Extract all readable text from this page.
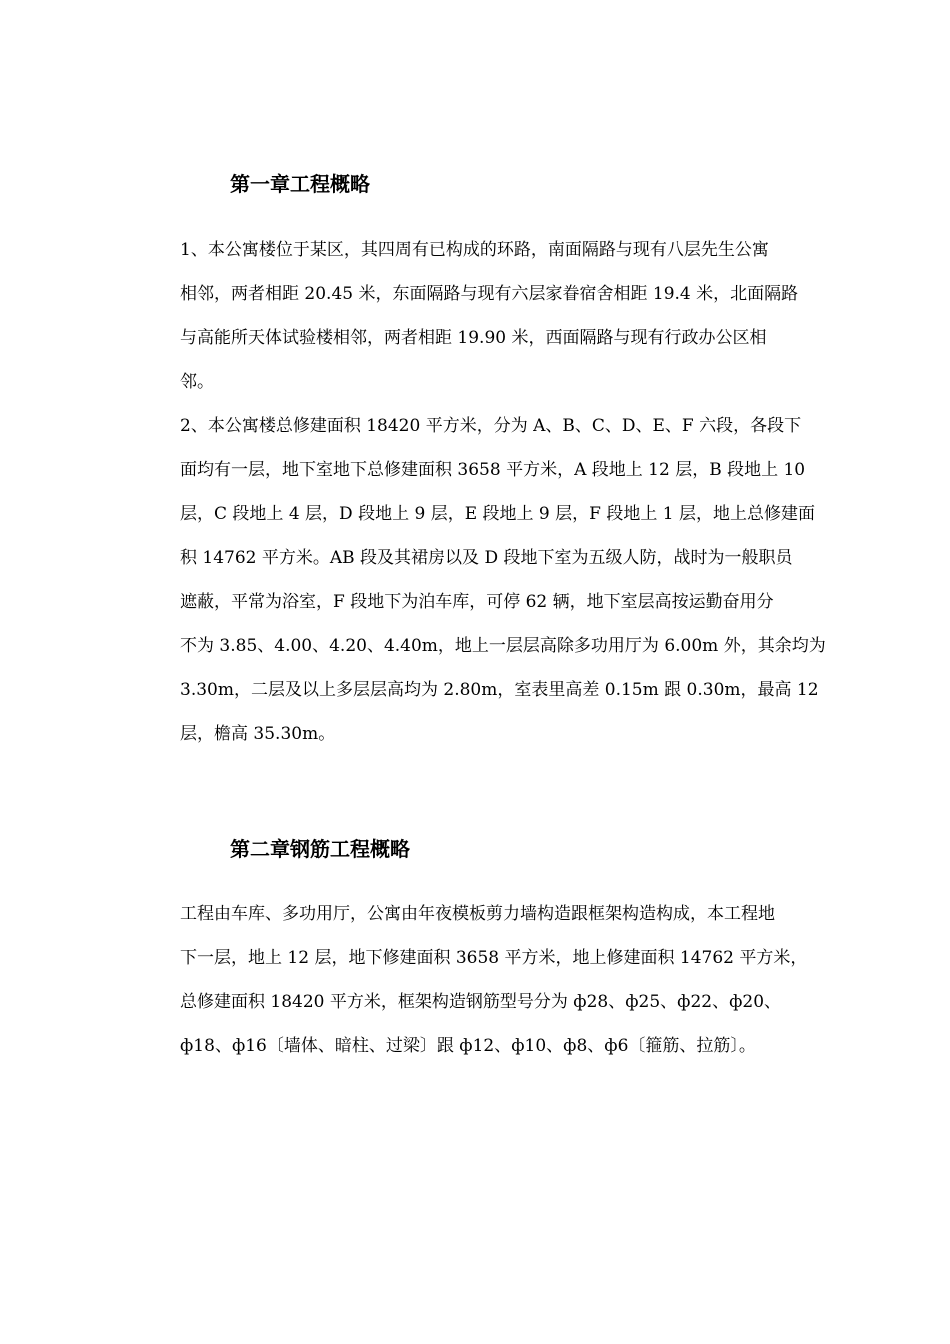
第一章工程概略

1、本公寓楼位于某区，其四周有已构成的环路，南面隔路与现有八层先生公寓

相邻，两者相距 20.45 米，东面隔路与现有六层家眷宿舍相距 19.4 米，北面隔路

与高能所天体试验楼相邻，两者相距 19.90 米，西面隔路与现有行政办公区相

邻。

2、本公寓楼总修建面积 18420 平方米，分为 A、B、C、D、E、F 六段，各段下

面均有一层，地下室地下总修建面积 3658 平方米，A 段地上 12 层，B 段地上 10

层，C 段地上 4 层，D 段地上 9 层，E 段地上 9 层，F 段地上 1 层，地上总修建面

积 14762 平方米。AB 段及其裙房以及 D 段地下室为五级人防，战时为一般职员

遮蔽，平常为浴室，F 段地下为泊车库，可停 62 辆，地下室层高按运勤奋用分

不为 3.85、4.00、4.20、4.40m，地上一层层高除多功用厅为 6.00m 外，其余均为

3.30m，二层及以上多层层高均为 2.80m，室表里高差 0.15m 跟 0.30m，最高 12

层，檐高 35.30m。

第二章钢筋工程概略

工程由车库、多功用厅，公寓由年夜模板剪力墙构造跟框架构造构成，本工程地

下一层，地上 12 层，地下修建面积 3658 平方米，地上修建面积 14762 平方米，

总修建面积 18420 平方米，框架构造钢筋型号分为 ф28、ф25、ф22、ф20、

ф18、ф16〔墙体、暗柱、过梁〕跟 ф12、ф10、ф8、ф6〔箍筋、拉筋〕。
